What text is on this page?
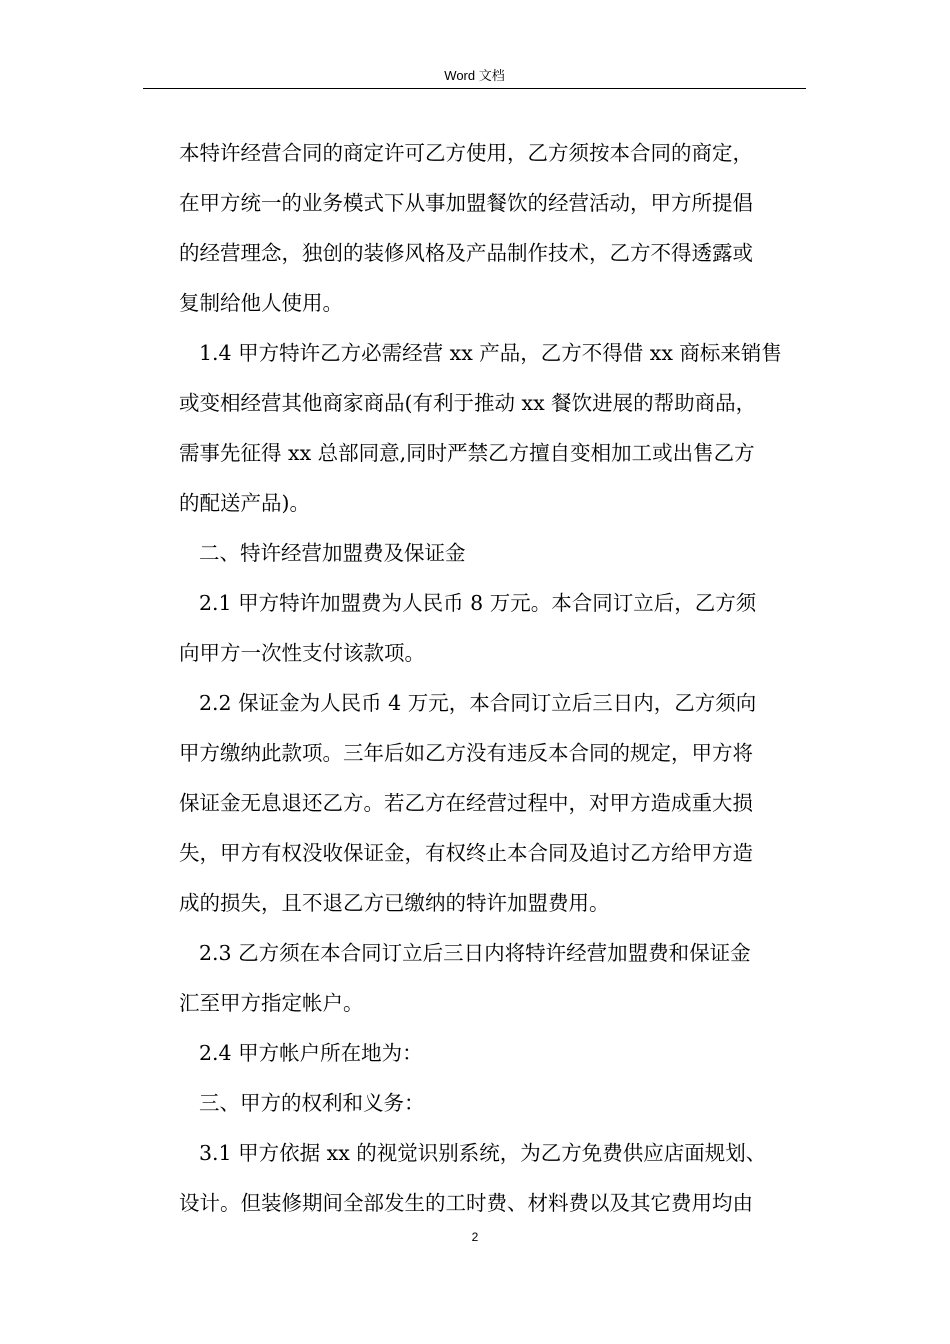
Word 文档
本特许经营合同的商定许可乙方使用，乙方须按本合同的商定，
在甲方统一的业务模式下从事加盟餐饮的经营活动，甲方所提倡
的经营理念，独创的装修风格及产品制作技术，乙方不得透露或
复制给他人使用。
1.4 甲方特许乙方必需经营 xx 产品，乙方不得借 xx 商标来销售
或变相经营其他商家商品(有利于推动 xx 餐饮进展的帮助商品，
需事先征得 xx 总部同意,同时严禁乙方擅自变相加工或出售乙方
的配送产品)。
二、特许经营加盟费及保证金
2.1 甲方特许加盟费为人民币 8 万元。本合同订立后，乙方须
向甲方一次性支付该款项。
2.2 保证金为人民币 4 万元，本合同订立后三日内，乙方须向
甲方缴纳此款项。三年后如乙方没有违反本合同的规定，甲方将
保证金无息退还乙方。若乙方在经营过程中，对甲方造成重大损
失，甲方有权没收保证金，有权终止本合同及追讨乙方给甲方造
成的损失，且不退乙方已缴纳的特许加盟费用。
2.3 乙方须在本合同订立后三日内将特许经营加盟费和保证金
汇至甲方指定帐户。
2.4 甲方帐户所在地为：
三、甲方的权利和义务：
3.1 甲方依据 xx 的视觉识别系统，为乙方免费供应店面规划、
设计。但装修期间全部发生的工时费、材料费以及其它费用均由
2
